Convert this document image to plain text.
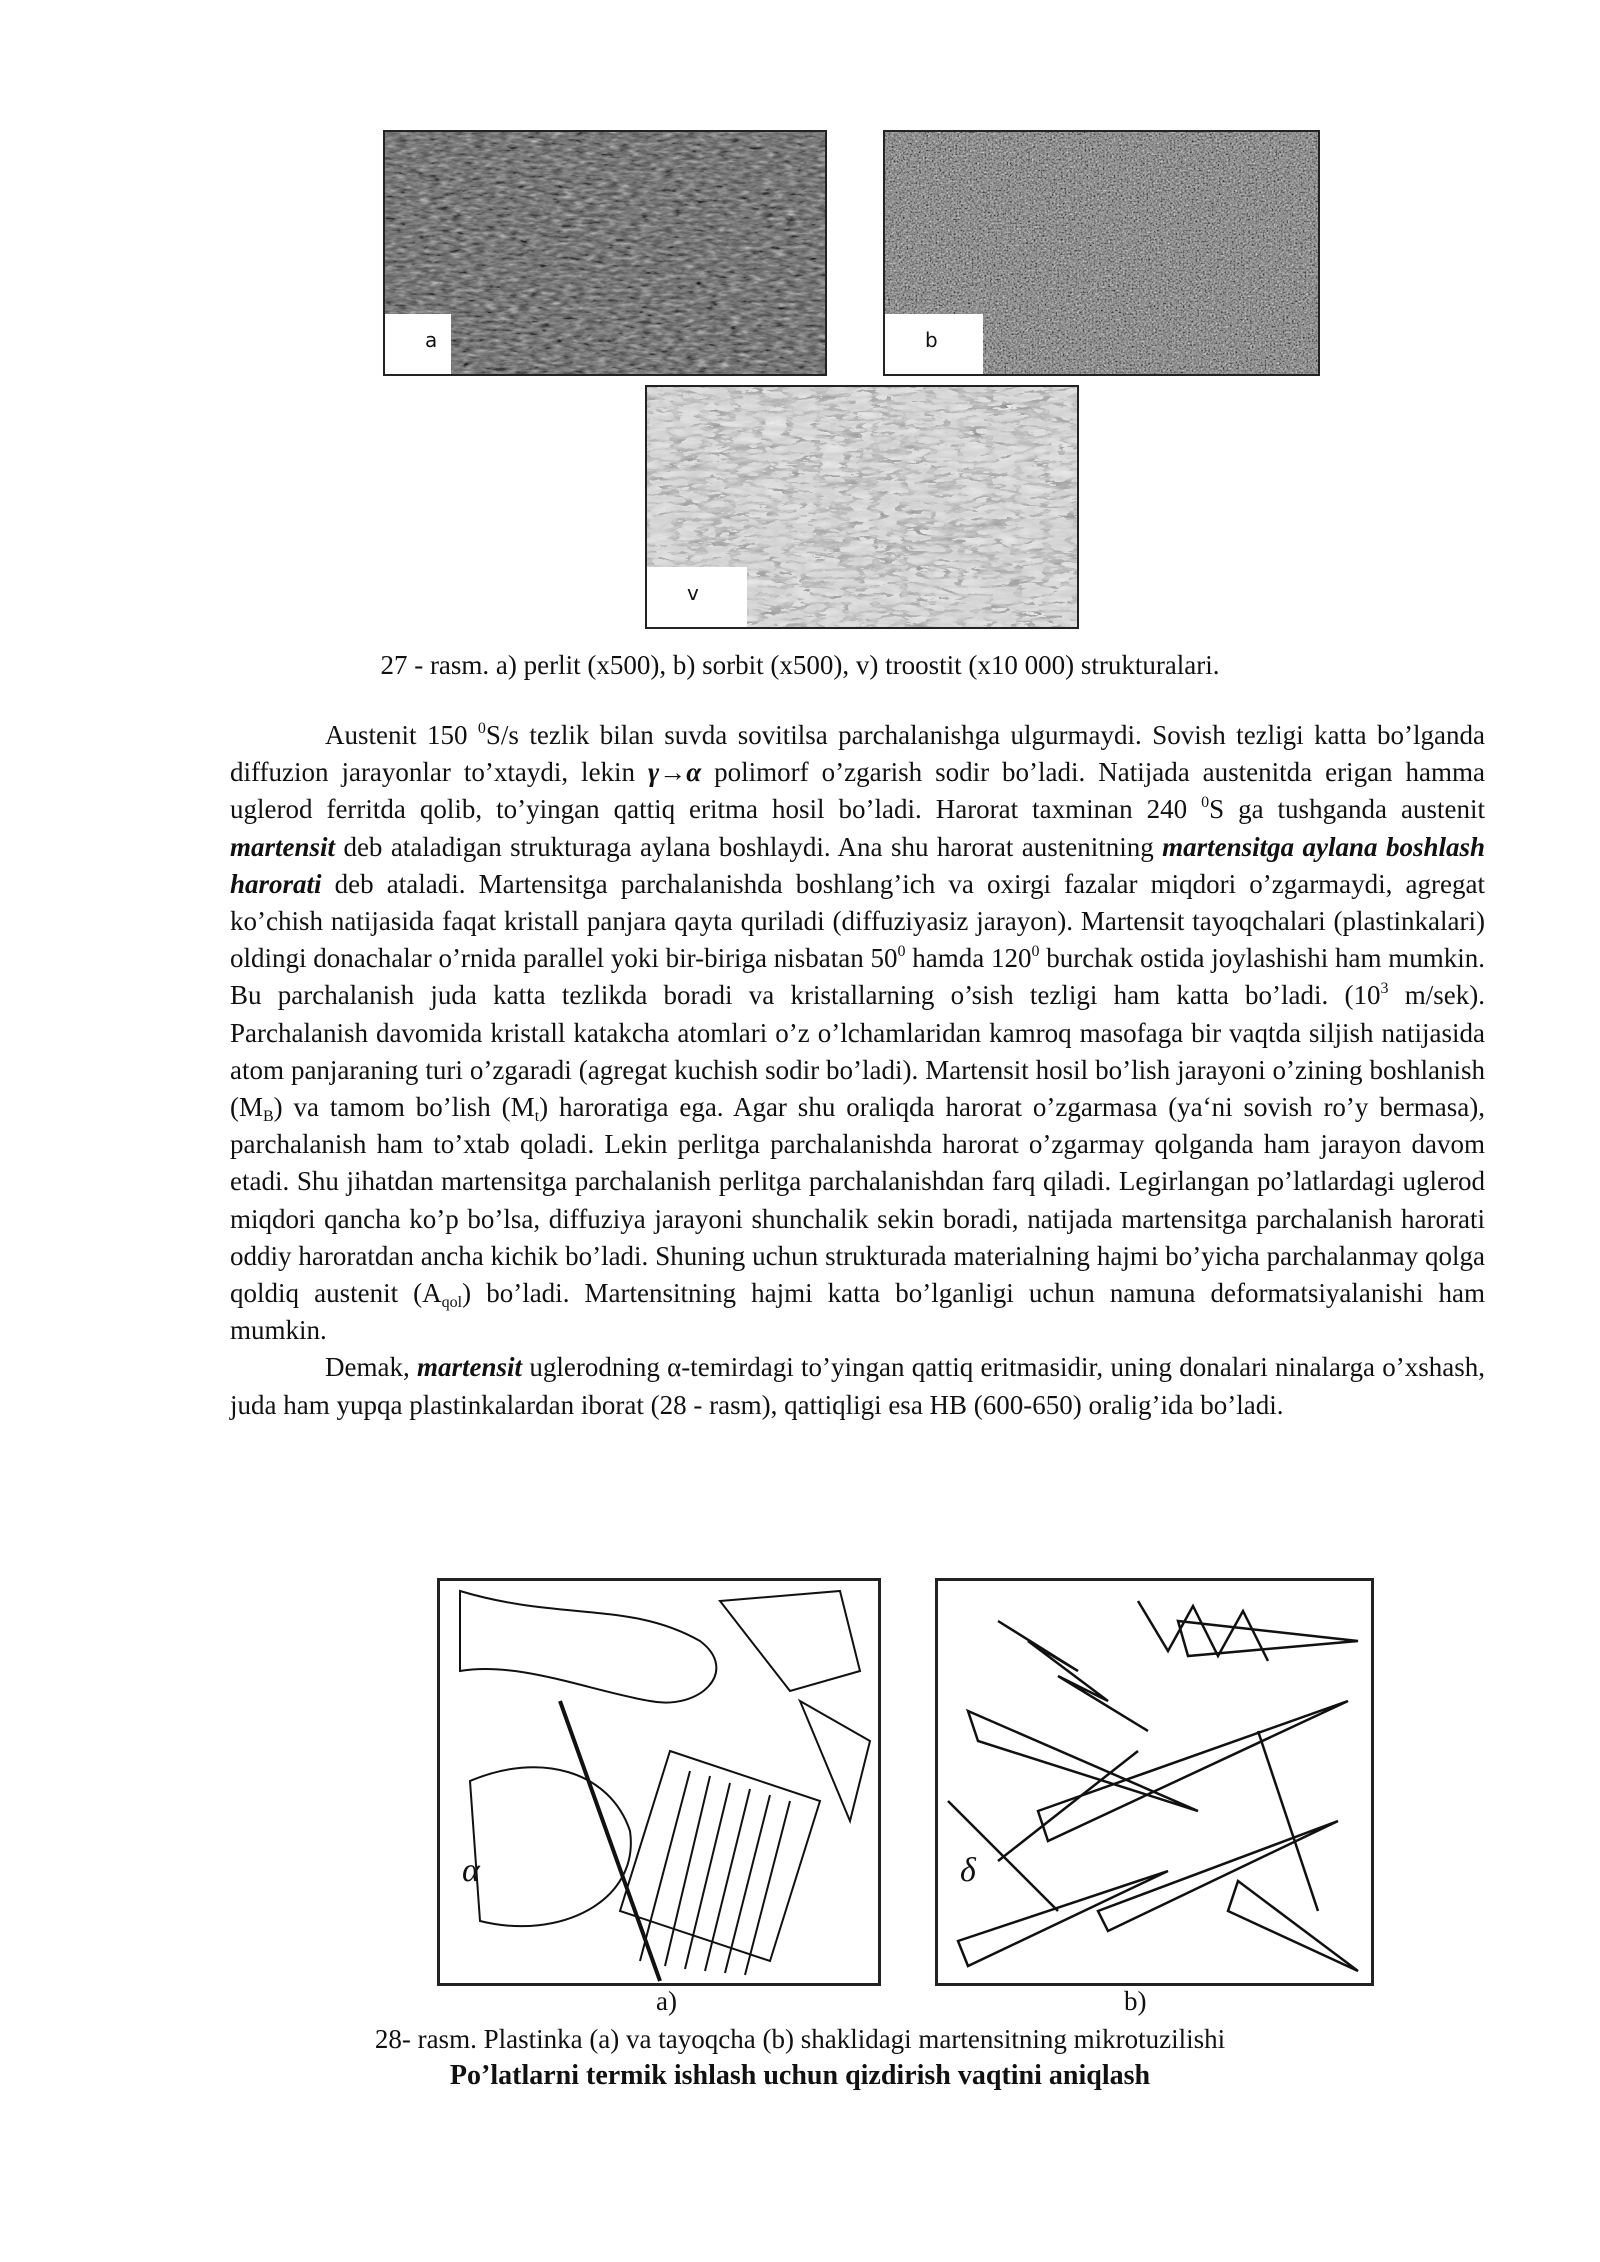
a	b
v
27 - rasm. a) perlit (x500), b) sorbit (x500), v) troostit (x10 000) strukturalari.

Austenit 150 $^0$S/s tezlik bilan suvda sovitilsa parchalanishga ulgurmaydi. Sovish tezligi katta bo’lganda diffuzion jarayonlar to’xtaydi, lekin γ→α polimorf o’zgarish sodir bo’ladi. Natijada austenitda erigan hamma uglerod ferritda qolib, to’yingan qattiq eritma hosil bo’ladi. Harorat taxminan 240 $^0$S ga tushganda austenit martensit deb ataladigan strukturaga aylana boshlaydi. Ana shu harorat austenitning martensitga aylana boshlash harorati deb ataladi. Martensitga parchalanishda boshlang’ich va oxirgi fazalar miqdori o’zgarmaydi, agregat ko’chish natijasida faqat kristall panjara qayta quriladi (diffuziyasiz jarayon). Martensit tayoqchalari (plastinkalari) oldingi donachalar o’rnida parallel yoki bir-biriga nisbatan $50^0$ hamda $120^0$ burchak ostida joylashishi ham mumkin. Bu parchalanish juda katta tezlikda boradi va kristallarning o’sish tezligi ham katta bo’ladi. ($10^3$ m/sek). Parchalanish davomida kristall katakcha atomlari o’z o’lchamlaridan kamroq masofaga bir vaqtda siljish natijasida atom panjaraning turi o’zgaradi (agregat kuchish sodir bo’ladi). Martensit hosil bo’lish jarayoni o’zining boshlanish $(M_B)$ va tamom bo’lish $(M_t)$ haroratiga ega. Agar shu oraliqda harorat o’zgarmasa (ya‘ni sovish ro’y bermasa), parchalanish ham to’xtab qoladi. Lekin perlitga parchalanishda harorat o’zgarmay qolganda ham jarayon davom etadi. Shu jihatdan martensitga parchalanish perlitga parchalanishdan farq qiladi. Legirlangan po’latlardagi uglerod miqdori qancha ko’p bo’lsa, diffuziya jarayoni shunchalik sekin boradi, natijada martensitga parchalanish harorati oddiy haroratdan ancha kichik bo’ladi. Shuning uchun strukturada materialning hajmi bo’yicha parchalanmay qolga qoldiq austenit $(A_{qol})$ bo’ladi. Martensitning hajmi katta bo’lganligi uchun namuna deformatsiyalanishi ham mumkin.

Demak, martensit uglerodning α-temirdagi to’yingan qattiq eritmasidir, uning donalari ninalarga o’xshash, juda ham yupqa plastinkalardan iborat (28 - rasm), qattiqligi esa HB (600-650) oralig’ida bo’ladi.

α	δ
a)	b)
28- rasm. Plastinka (a) va tayoqcha (b) shaklidagi martensitning mikrotuzilishi
Po’latlarni termik ishlash uchun qizdirish vaqtini aniqlash
